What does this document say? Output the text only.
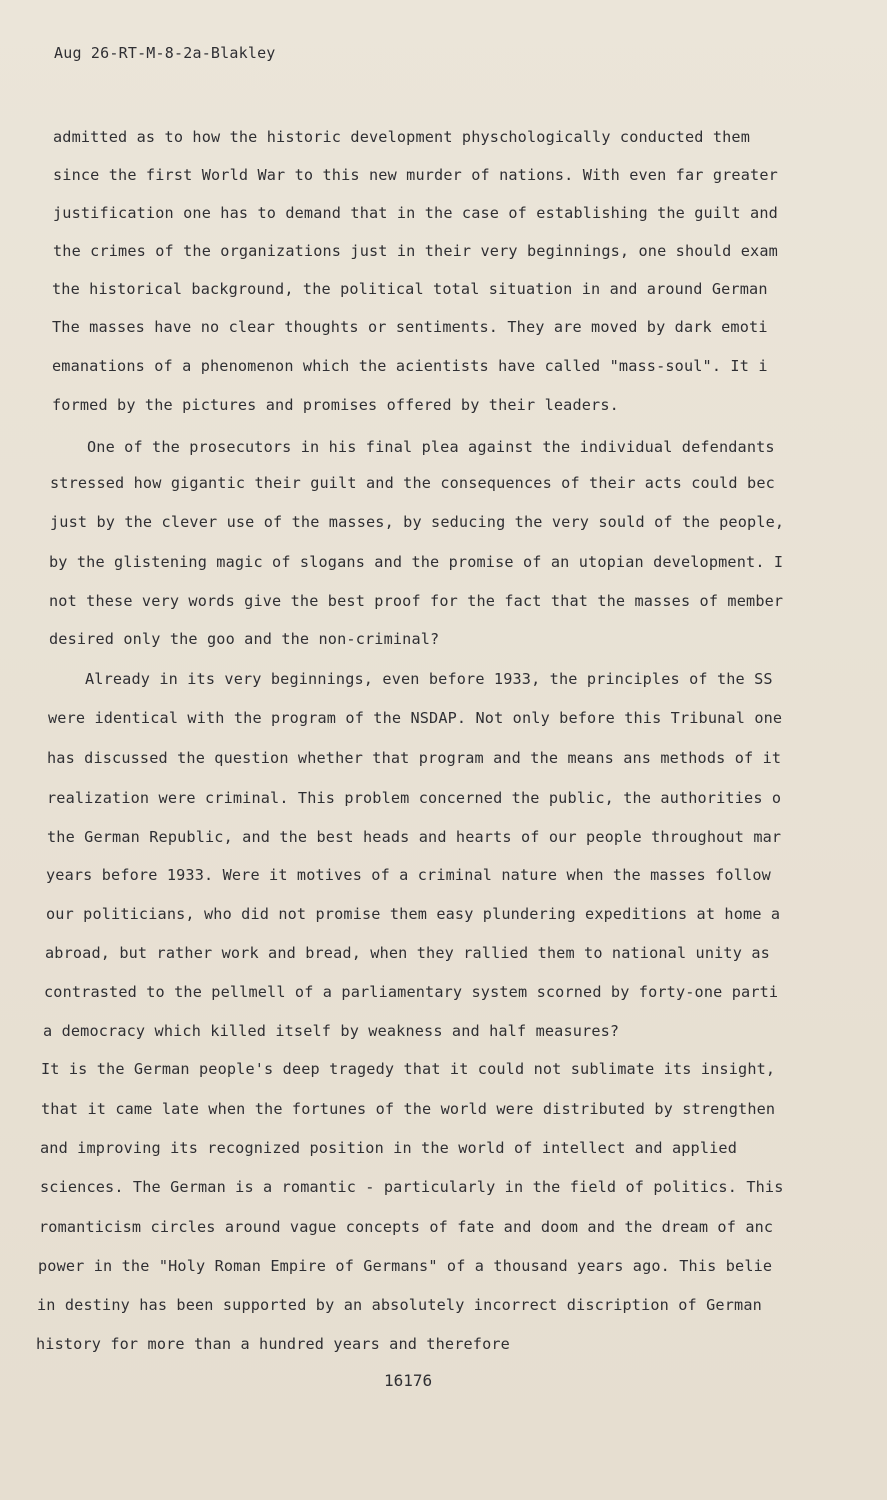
Aug 26-RT-M-8-2a-Blakley
admitted as to how the historic development physchologically conducted them
since the first World War to this new murder of nations. With even far greater
justification one has to demand that in the case of establishing the guilt and
the crimes of the organizations just in their very beginnings, one should exam
the historical background, the political total situation in and around German
The masses have no clear thoughts or sentiments. They are moved by dark emoti
emanations of a phenomenon which the acientists have called "mass-soul". It i
formed by the pictures and promises offered by their leaders.
One of the prosecutors in his final plea against the individual defendants
stressed how gigantic their guilt and the consequences of their acts could bec
just by the clever use of the masses, by seducing the very sould of the people,
by the glistening magic of slogans and the promise of an utopian development. I
not these very words give the best proof for the fact that the masses of member
desired only the goo and the non-criminal?
Already in its very beginnings, even before 1933, the principles of the SS
were identical with the program of the NSDAP. Not only before this Tribunal one
has discussed the question whether that program and the means ans methods of it
realization were criminal. This problem concerned the public, the authorities o
the German Republic, and the best heads and hearts of our people throughout mar
years before 1933. Were it motives of a criminal nature when the masses follow
our politicians, who did not promise them easy plundering expeditions at home a
abroad, but rather work and bread, when they rallied them to national unity as
contrasted to the pellmell of a parliamentary system scorned by forty-one parti
a democracy which killed itself by weakness and half measures?
It is the German people's deep tragedy that it could not sublimate its insight,
that it came late when the fortunes of the world were distributed by strengthen
and improving its recognized position in the world of intellect and applied
sciences. The German is a romantic - particularly in the field of politics. This
romanticism circles around vague concepts of fate and doom and the dream of anc
power in the "Holy Roman Empire of Germans" of a thousand years ago. This belie
in destiny has been supported by an absolutely incorrect discription of German
history for more than a hundred years and therefore
16176
